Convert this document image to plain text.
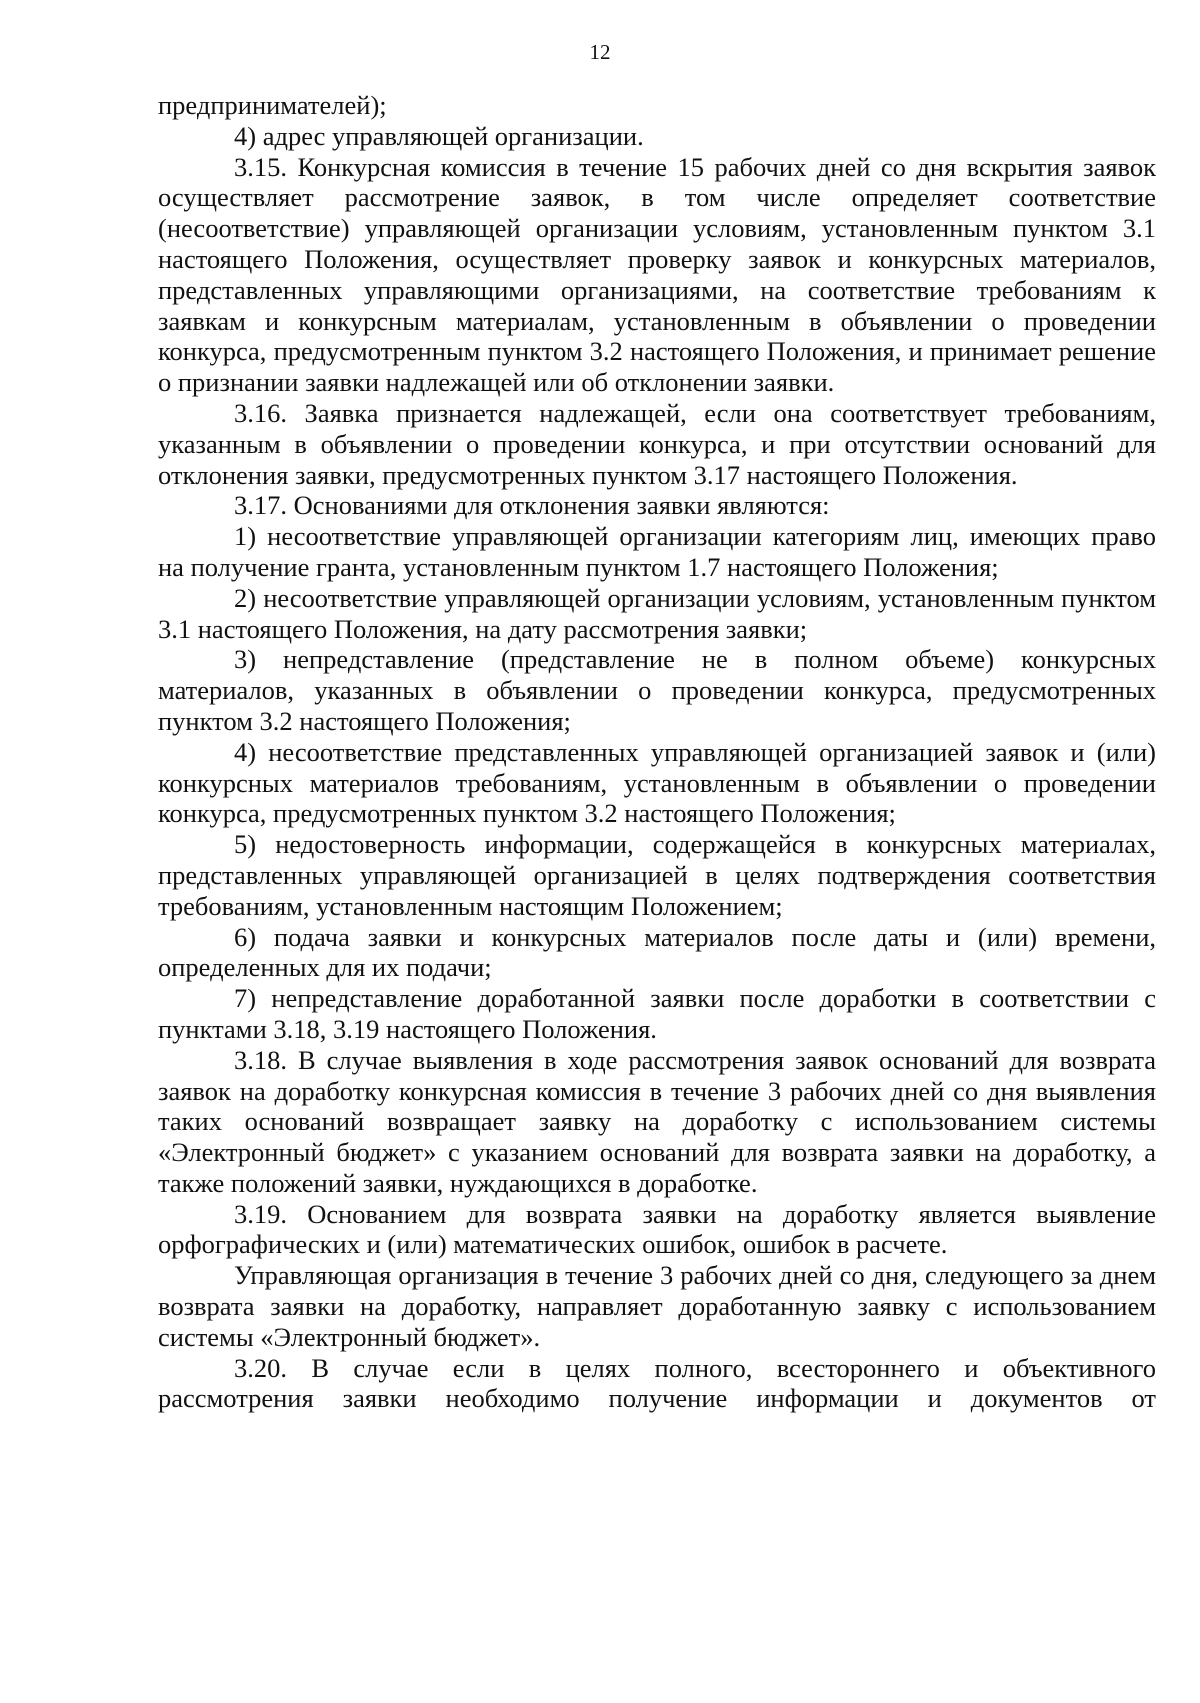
12

предпринимателей);

4) адрес управляющей организации.

3.15. Конкурсная комиссия в течение 15 рабочих дней со дня вскрытия заявок осуществляет рассмотрение заявок, в том числе определяет соответствие (несоответствие) управляющей организации условиям, установленным пунктом 3.1 настоящего Положения, осуществляет проверку заявок и конкурсных материалов, представленных управляющими организациями, на соответствие требованиям к заявкам и конкурсным материалам, установленным в объявлении о проведении конкурса, предусмотренным пунктом 3.2 настоящего Положения, и принимает решение о признании заявки надлежащей или об отклонении заявки.

3.16. Заявка признается надлежащей, если она соответствует требованиям, указанным в объявлении о проведении конкурса, и при отсутствии оснований для отклонения заявки, предусмотренных пунктом 3.17 настоящего Положения.

3.17. Основаниями для отклонения заявки являются:

1) несоответствие управляющей организации категориям лиц, имеющих право на получение гранта, установленным пунктом 1.7 настоящего Положения;

2) несоответствие управляющей организации условиям, установленным пунктом 3.1 настоящего Положения, на дату рассмотрения заявки;

3) непредставление (представление не в полном объеме) конкурсных материалов, указанных в объявлении о проведении конкурса, предусмотренных пунктом 3.2 настоящего Положения;

4) несоответствие представленных управляющей организацией заявок и (или) конкурсных материалов требованиям, установленным в объявлении о проведении конкурса, предусмотренных пунктом 3.2 настоящего Положения;

5) недостоверность информации, содержащейся в конкурсных материалах, представленных управляющей организацией в целях подтверждения соответствия требованиям, установленным настоящим Положением;

6) подача заявки и конкурсных материалов после даты и (или) времени, определенных для их подачи;

7) непредставление доработанной заявки после доработки в соответствии с пунктами 3.18, 3.19 настоящего Положения.

3.18. В случае выявления в ходе рассмотрения заявок оснований для возврата заявок на доработку конкурсная комиссия в течение 3 рабочих дней со дня выявления таких оснований возвращает заявку на доработку с использованием системы «Электронный бюджет» с указанием оснований для возврата заявки на доработку, а также положений заявки, нуждающихся в доработке.

3.19. Основанием для возврата заявки на доработку является выявление орфографических и (или) математических ошибок, ошибок в расчете.

Управляющая организация в течение 3 рабочих дней со дня, следующего за днем возврата заявки на доработку, направляет доработанную заявку с использованием системы «Электронный бюджет».

3.20. В случае если в целях полного, всестороннего и объективного рассмотрения заявки необходимо получение информации и документов от
